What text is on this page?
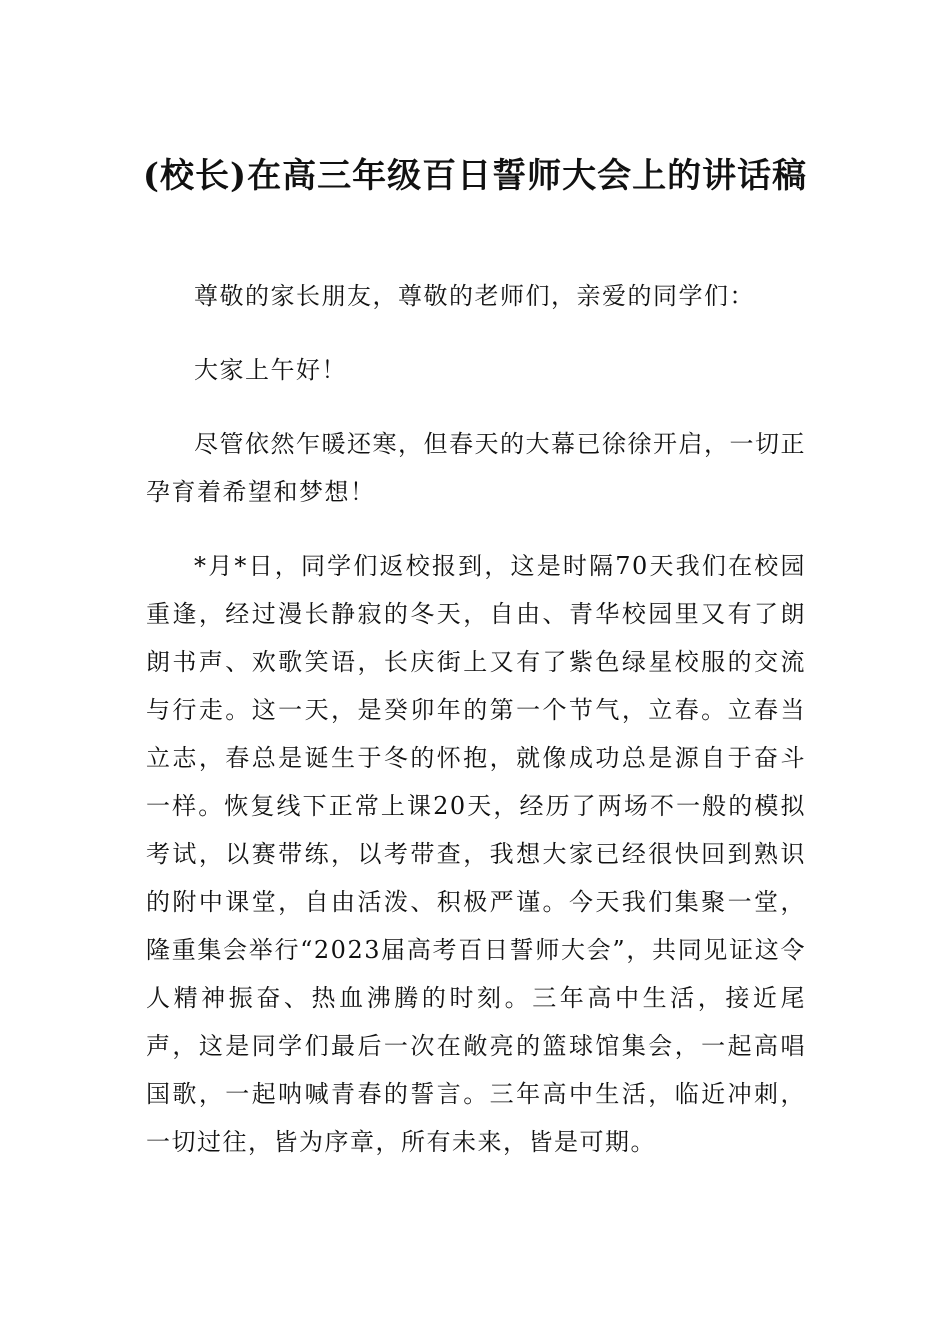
(校长)在高三年级百日誓师大会上的讲话稿

尊敬的家长朋友，尊敬的老师们，亲爱的同学们：

大家上午好！

尽管依然乍暖还寒，但春天的大幕已徐徐开启，一切正孕育着希望和梦想！

*月*日，同学们返校报到，这是时隔70天我们在校园重逢，经过漫长静寂的冬天，自由、青华校园里又有了朗朗书声、欢歌笑语，长庆街上又有了紫色绿星校服的交流与行走。这一天，是癸卯年的第一个节气，立春。立春当立志，春总是诞生于冬的怀抱，就像成功总是源自于奋斗一样。恢复线下正常上课20天，经历了两场不一般的模拟考试，以赛带练，以考带查，我想大家已经很快回到熟识的附中课堂，自由活泼、积极严谨。今天我们集聚一堂，隆重集会举行“2023届高考百日誓师大会”，共同见证这令人精神振奋、热血沸腾的时刻。三年高中生活，接近尾声，这是同学们最后一次在敞亮的篮球馆集会，一起高唱国歌，一起呐喊青春的誓言。三年高中生活，临近冲刺，一切过往，皆为序章，所有未来，皆是可期。
